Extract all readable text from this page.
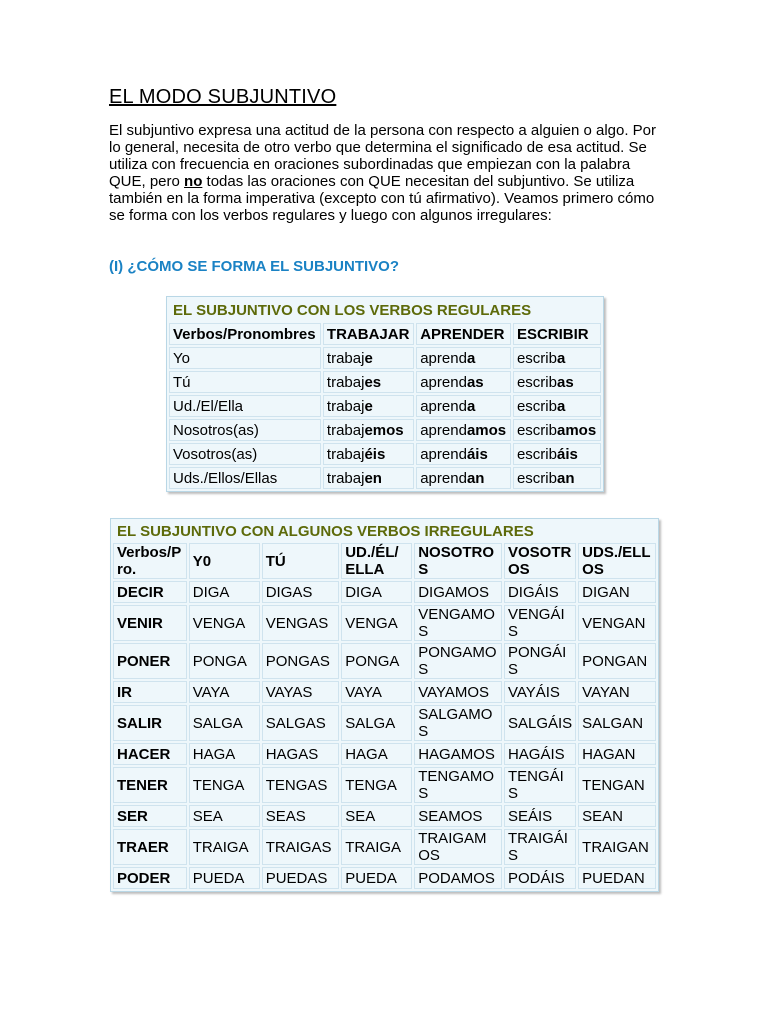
EL MODO SUBJUNTIVO

El subjuntivo expresa una actitud de la persona con respecto a alguien o algo. Por lo general, necesita de otro verbo que determina el significado de esa actitud. Se utiliza con frecuencia en oraciones subordinadas que empiezan con la palabra QUE, pero no todas las oraciones con QUE necesitan del subjuntivo. Se utiliza también en la forma imperativa (excepto con tú afirmativo). Veamos primero cómo se forma con los verbos regulares y luego con algunos irregulares:

(I) ¿CÓMO SE FORMA EL SUBJUNTIVO?
EL SUBJUNTIVO CON LOS VERBOS REGULARES			
Verbos/Pronombres	TRABAJAR	APRENDER	ESCRIBIR
Yo	trabaje	aprenda	escriba
Tú	trabajes	aprendas	escribas
Ud./El/Ella	trabaje	aprenda	escriba
Nosotros(as)	trabajemos	aprendamos	escribamos
Vosotros(as)	trabajéis	aprendáis	escribáis
Uds./Ellos/Ellas	trabajen	aprendan	escriban
EL SUBJUNTIVO CON ALGUNOS VERBOS IRREGULARES						
Verbos/P ro.	Y0	TÚ	UD./ÉL/ ELLA	NOSOTRO S	VOSOTR OS	UDS./ELL OS
DECIR	DIGA	DIGAS	DIGA	DIGAMOS	DIGÁIS	DIGAN
VENIR	VENGA	VENGAS	VENGA	VENGAMO S	VENGÁI S	VENGAN
PONER	PONGA	PONGAS	PONGA	PONGAMO S	PONGÁI S	PONGAN
IR	VAYA	VAYAS	VAYA	VAYAMOS	VAYÁIS	VAYAN
SALIR	SALGA	SALGAS	SALGA	SALGAMO S	SALGÁIS	SALGAN
HACER	HAGA	HAGAS	HAGA	HAGAMOS	HAGÁIS	HAGAN
TENER	TENGA	TENGAS	TENGA	TENGAMO S	TENGÁI S	TENGAN
SER	SEA	SEAS	SEA	SEAMOS	SEÁIS	SEAN
TRAER	TRAIGA	TRAIGAS	TRAIGA	TRAIGAM OS	TRAIGÁI S	TRAIGAN
PODER	PUEDA	PUEDAS	PUEDA	PODAMOS	PODÁIS	PUEDAN
